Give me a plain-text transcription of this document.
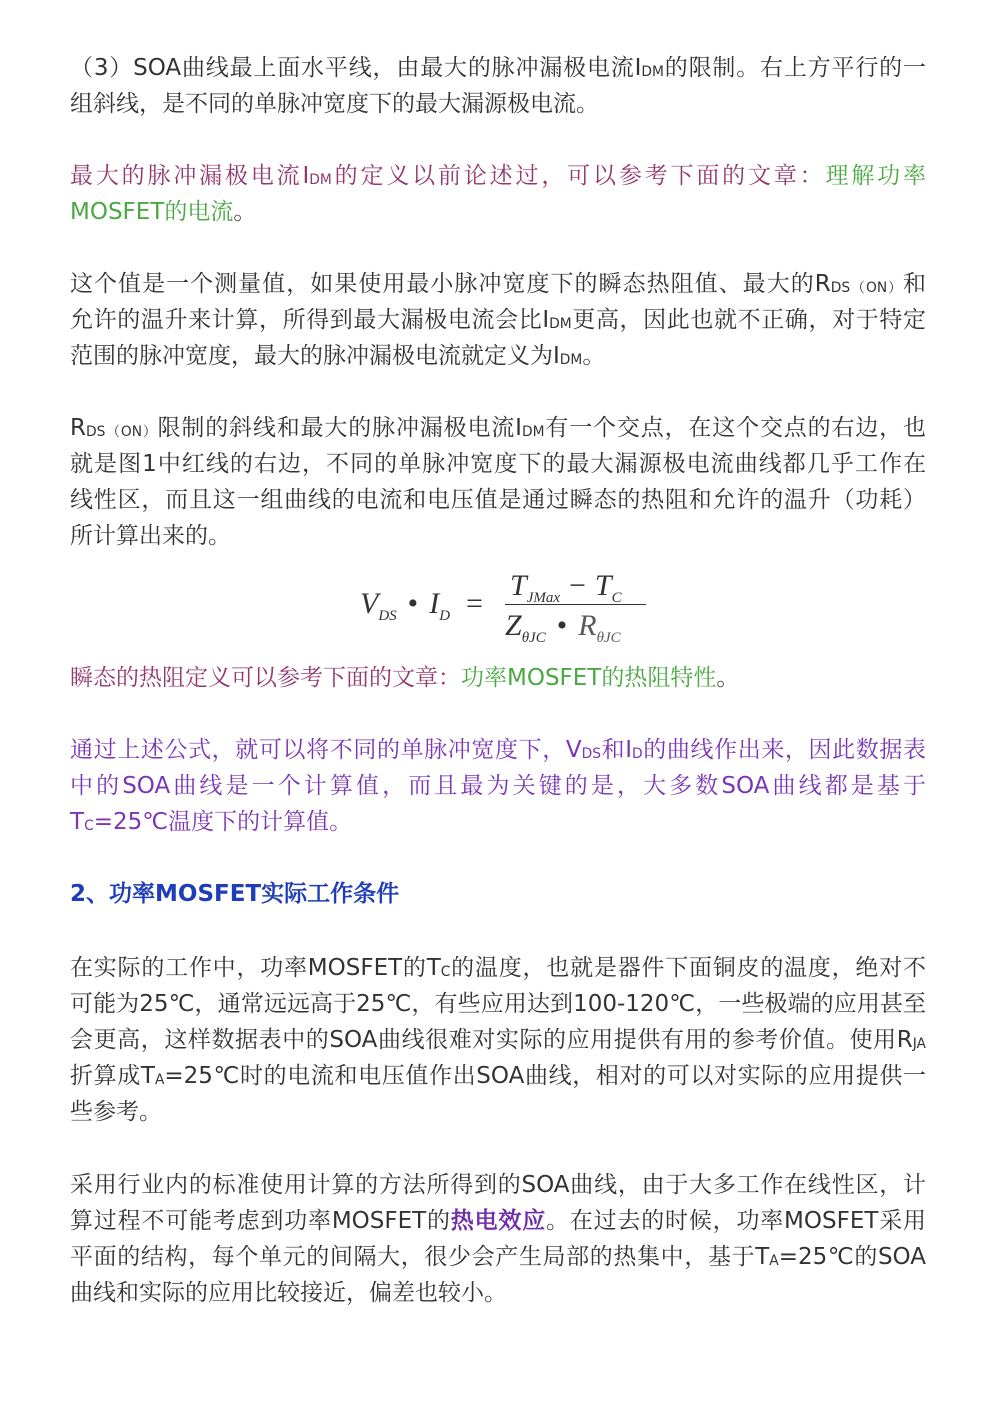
（3）SOA曲线最上面水平线，由最大的脉冲漏极电流IDM的限制。右上方平行的一
组斜线，是不同的单脉冲宽度下的最大漏源极电流。
最大的脉冲漏极电流IDM的定义以前论述过，可以参考下面的文章：理解功率
MOSFET的电流。
这个值是一个测量值，如果使用最小脉冲宽度下的瞬态热阻值、最大的RDS（ON）和
允许的温升来计算，所得到最大漏极电流会比IDM更高，因此也就不正确，对于特定
范围的脉冲宽度，最大的脉冲漏极电流就定义为IDM。
RDS（ON）限制的斜线和最大的脉冲漏极电流IDM有一个交点，在这个交点的右边，也
就是图1中红线的右边，不同的单脉冲宽度下的最大漏源极电流曲线都几乎工作在
线性区，而且这一组曲线的电流和电压值是通过瞬态的热阻和允许的温升（功耗）
所计算出来的。
$V_{DS}$ • $I_D$ =
$T_{JMax} - T_C$
$Z_{\theta JC}$ • $R_{\theta JC}$
瞬态的热阻定义可以参考下面的文章：功率MOSFET的热阻特性。
通过上述公式，就可以将不同的单脉冲宽度下，VDS和ID的曲线作出来，因此数据表
中的SOA曲线是一个计算值，而且最为关键的是，大多数SOA曲线都是基于
TC=25℃温度下的计算值。
2、功率MOSFET实际工作条件
在实际的工作中，功率MOSFET的TC的温度，也就是器件下面铜皮的温度，绝对不
可能为25℃，通常远远高于25℃，有些应用达到100-120℃，一些极端的应用甚至
会更高，这样数据表中的SOA曲线很难对实际的应用提供有用的参考价值。使用RJA
折算成TA=25℃时的电流和电压值作出SOA曲线，相对的可以对实际的应用提供一
些参考。
采用行业内的标准使用计算的方法所得到的SOA曲线，由于大多工作在线性区，计
算过程不可能考虑到功率MOSFET的热电效应。在过去的时候，功率MOSFET采用
平面的结构，每个单元的间隔大，很少会产生局部的热集中，基于TA=25℃的SOA
曲线和实际的应用比较接近，偏差也较小。
